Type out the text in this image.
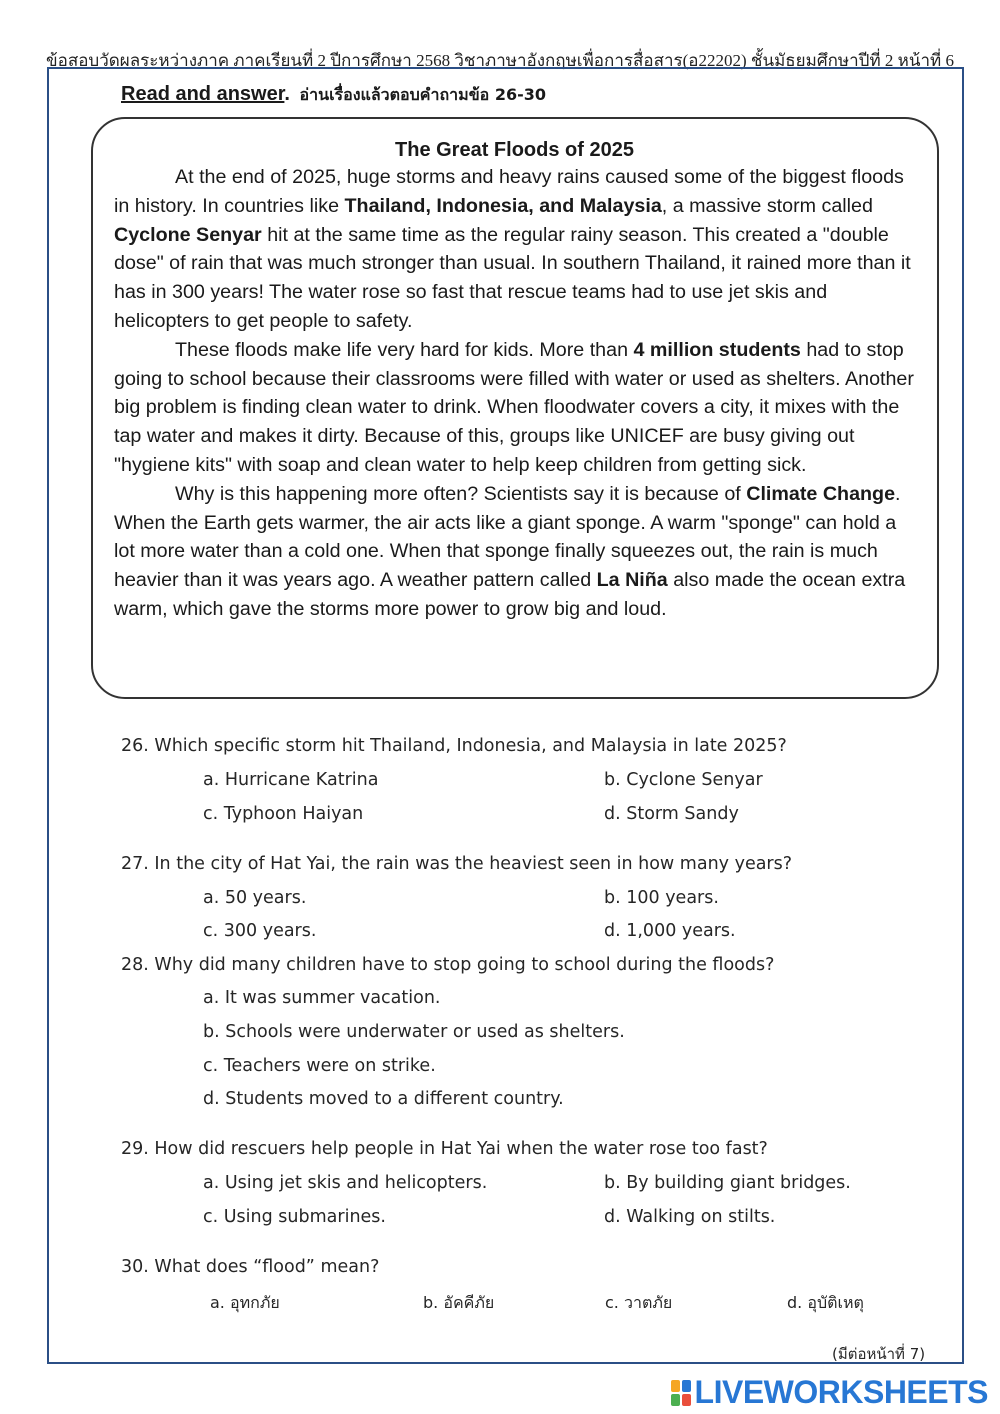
ข้อสอบวัดผลระหว่างภาค ภาคเรียนที่ 2 ปีการศึกษา 2568 วิชาภาษาอังกฤษเพื่อการสื่อสาร(อ22202) ชั้นมัธยมศึกษาปีที่ 2 หน้าที่ 6
Read and answer. อ่านเรื่องแล้วตอบคำถามข้อ 26-30
The Great Floods of 2025

At the end of 2025, huge storms and heavy rains caused some of the biggest floods in history. In countries like Thailand, Indonesia, and Malaysia, a massive storm called Cyclone Senyar hit at the same time as the regular rainy season. This created a "double dose" of rain that was much stronger than usual. In southern Thailand, it rained more than it has in 300 years! The water rose so fast that rescue teams had to use jet skis and helicopters to get people to safety.

These floods make life very hard for kids. More than 4 million students had to stop going to school because their classrooms were filled with water or used as shelters. Another big problem is finding clean water to drink. When floodwater covers a city, it mixes with the tap water and makes it dirty. Because of this, groups like UNICEF are busy giving out "hygiene kits" with soap and clean water to help keep children from getting sick.

Why is this happening more often? Scientists say it is because of Climate Change. When the Earth gets warmer, the air acts like a giant sponge. A warm "sponge" can hold a lot more water than a cold one. When that sponge finally squeezes out, the rain is much heavier than it was years ago. A weather pattern called La Niña also made the ocean extra warm, which gave the storms more power to grow big and loud.

26. Which specific storm hit Thailand, Indonesia, and Malaysia in late 2025?
a. Hurricane Katrina	b. Cyclone Senyar
c. Typhoon Haiyan	d. Storm Sandy
27. In the city of Hat Yai, the rain was the heaviest seen in how many years?
a. 50 years.	b. 100 years.
c. 300 years.	d. 1,000 years.
28. Why did many children have to stop going to school during the floods?
a. It was summer vacation.
b. Schools were underwater or used as shelters.
c. Teachers were on strike.
d. Students moved to a different country.
29. How did rescuers help people in Hat Yai when the water rose too fast?
a. Using jet skis and helicopters.	b. By building giant bridges.
c. Using submarines.	d. Walking on stilts.
30. What does “flood” mean?
a. อุทกภัย	b. อัคคีภัย	c. วาตภัย	d. อุบัติเหตุ
(มีต่อหน้าที่ 7)
LIVEWORKSHEETS
